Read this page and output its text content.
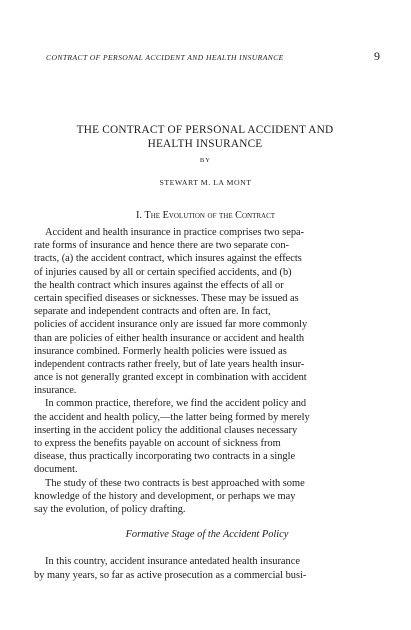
CONTRACT OF PERSONAL ACCIDENT AND HEALTH INSURANCE	9
THE CONTRACT OF PERSONAL ACCIDENT AND
HEALTH INSURANCE
BY
STEWART M. LA MONT
I. The Evolution of the Contract
Accident and health insurance in practice comprises two sepa-
rate forms of insurance and hence there are two separate con-
tracts, (a) the accident contract, which insures against the effects
of injuries caused by all or certain specified accidents, and (b)
the health contract which insures against the effects of all or
certain specified diseases or sicknesses. These may be issued as
separate and independent contracts and often are. In fact,
policies of accident insurance only are issued far more commonly
than are policies of either health insurance or accident and health
insurance combined. Formerly health policies were issued as
independent contracts rather freely, but of late years health insur-
ance is not generally granted except in combination with accident
insurance.
In common practice, therefore, we find the accident policy and
the accident and health policy,—the latter being formed by merely
inserting in the accident policy the additional clauses necessary
to express the benefits payable on account of sickness from
disease, thus practically incorporating two contracts in a single
document.
The study of these two contracts is best approached with some
knowledge of the history and development, or perhaps we may
say the evolution, of policy drafting.
Formative Stage of the Accident Policy
In this country, accident insurance antedated health insurance
by many years, so far as active prosecution as a commercial busi-
